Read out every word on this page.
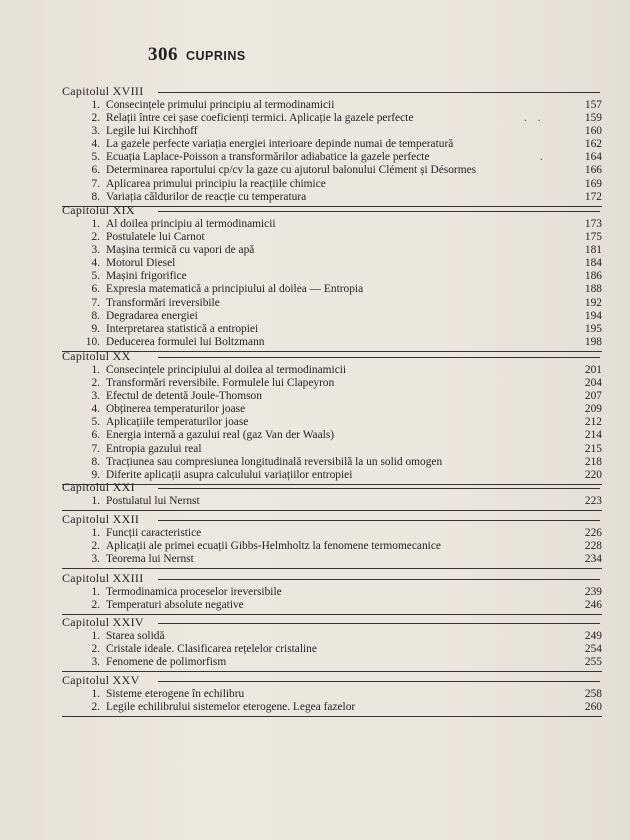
306 CUPRINS
Capitolul XVIII
1. Consecințele primului principiu al termodinamicii	157
2. Relații între cei șase coeficienți termici. Aplicație la gazele perfecte	. .	159
3. Legile lui Kirchhoff	160
4. La gazele perfecte variația energiei interioare depinde numai de temperatură	162
5. Ecuația Laplace-Poisson a transformărilor adiabatice la gazele perfecte	.	164
6. Determinarea raportului cp/cv la gaze cu ajutorul balonului Clément și Désormes	166
7. Aplicarea primului principiu la reacțiile chimice	169
8. Variația căldurilor de reacție cu temperatura	172
Capitolul XIX
1. Al doilea principiu al termodinamicii	173
2. Postulatele lui Carnot	175
3. Mașina termică cu vapori de apă	181
4. Motorul Diesel	184
5. Mașini frigorifice	186
6. Expresia matematică a principiului al doilea — Entropia	188
7. Transformări ireversibile	192
8. Degradarea energiei	194
9. Interpretarea statistică a entropiei	195
10. Deducerea formulei lui Boltzmann	198
Capitolul XX
1. Consecințele principiului al doilea al termodinamicii	201
2. Transformări reversibile. Formulele lui Clapeyron	204
3. Efectul de detentă Joule-Thomson	207
4. Obținerea temperaturilor joase	209
5. Aplicațiile temperaturilor joase	212
6. Energia internă a gazului real (gaz Van der Waals)	214
7. Entropia gazului real	215
8. Tracțiunea sau compresiunea longitudinală reversibilă la un solid omogen	218
9. Diferite aplicații asupra calculului variațiilor entropiei	220
Capitolul XXI
1. Postulatul lui Nernst	223
Capitolul XXII
1. Funcții caracteristice	226
2. Aplicații ale primei ecuații Gibbs-Helmholtz la fenomene termomecanice	228
3. Teorema lui Nernst	234
Capitolul XXIII
1. Termodinamica proceselor ireversibile	239
2. Temperaturi absolute negative	246
Capitolul XXIV
1. Starea solidă	249
2. Cristale ideale. Clasificarea rețelelor cristaline	254
3. Fenomene de polimorfism	255
Capitolul XXV
1. Sisteme eterogene în echilibru	258
2. Legile echilibrului sistemelor eterogene. Legea fazelor	260
